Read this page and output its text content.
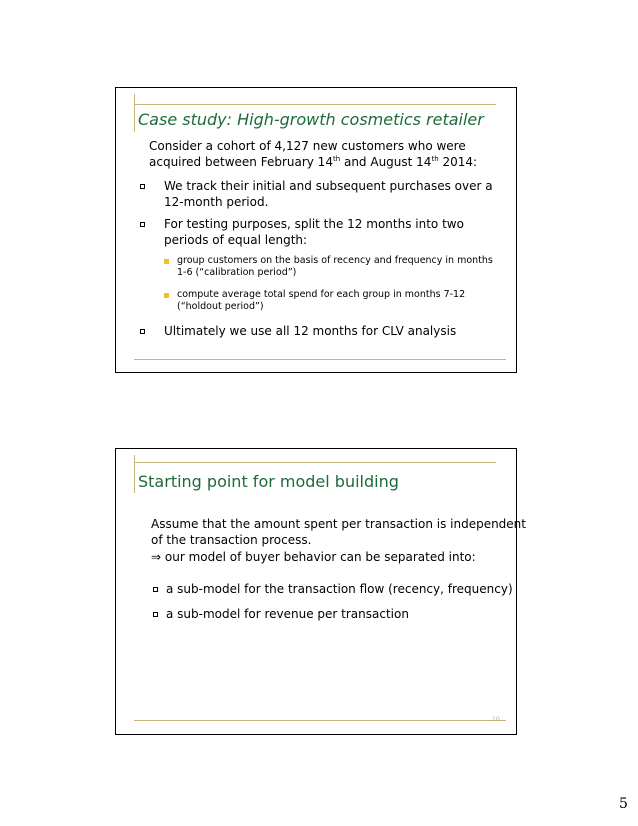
Case study: High-growth cosmetics retailer
Consider a cohort of 4,127 new customers who were
acquired between February 14th and August 14th 2014:
We track their initial and subsequent purchases over a
12-month period.
For testing purposes, split the 12 months into two
periods of equal length:
group customers on the basis of recency and frequency in months
1-6 (“calibration period”)
compute average total spend for each group in months 7-12
(“holdout period”)
Ultimately we use all 12 months for CLV analysis
Starting point for model building
Assume that the amount spent per transaction is independent
of the transaction process.
⇒ our model of buyer behavior can be separated into:
a sub-model for the transaction flow (recency, frequency)
a sub-model for revenue per transaction
10
5
